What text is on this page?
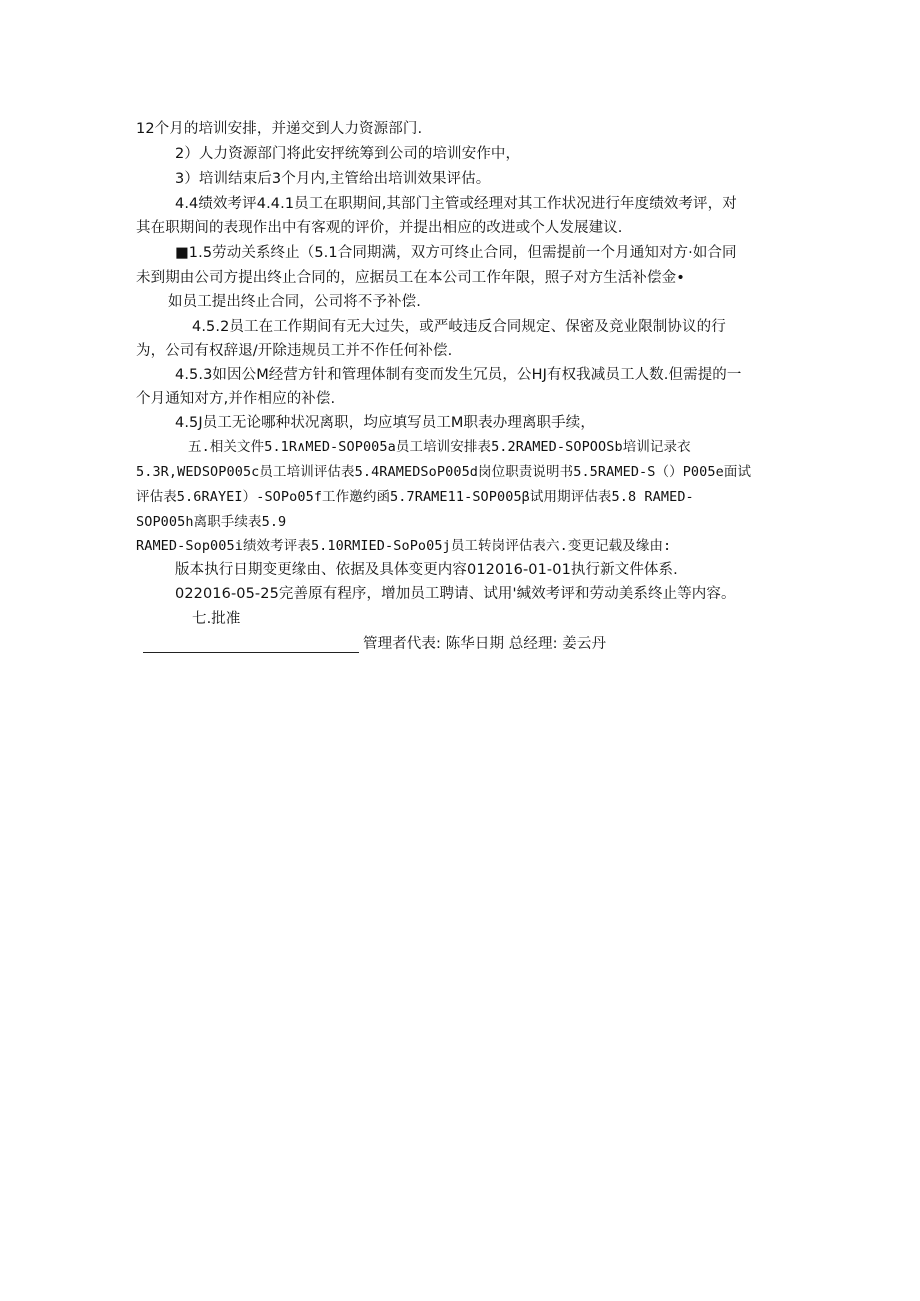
12个月的培训安排，并递交到人力资源部门.
2）人力资源部门将此安抨统筹到公司的培训安作中，
3）培训结束后3个月内,主管给出培训效果评估。
4.4绩效考评4.4.1员工在职期间,其部门主管或经理对其工作状况进行年度绩效考评，对
其在职期间的表现作出中有客观的评价，并提出相应的改进或个人发展建议.
■1.5劳动关系终止（5.1合同期满，双方可终止合同，但需提前一个月通知对方·如合同
未到期由公司方提出终止合同的，应据员工在本公司工作年限，照子对方生活补偿金•
如员工提出终止合同，公司将不予补偿.
4.5.2员工在工作期间有无大过失，或严岐违反合同规定、保密及竞业限制协议的行
为，公司有权辞退/开除违规员工并不作任何补偿.
4.5.3如因公M经营方针和管理体制有变而发生冗员，公HJ有权我减员工人数.但需提的一
个月通知对方,并作相应的补偿.
4.5J员工无论哪种状况离职，均应填写员工M职表办理离职手续，
五.相关文件5.1R∧MED-SOP005a员工培训安排表5.2RAMED-SOPOOSb培训记录衣
5.3R,WEDSOP005c员工培训评估表5.4RAMEDSoP005d岗位职责说明书5.5RAMED-S（）P005e面试
评估表5.6RAYEI）-SOPo05f工作邀约函5.7RAME11-SOP005β试用期评估表5.8 RAMED-
SOP005h离职手续表5.9
RAMED-Sop005i绩效考评表5.10RMIED-SoPo05j员工转岗评估表六.变更记载及缘由:
版本执行日期变更缘由、依据及具体变更内容012016-01-01执行新文件体系.
022016-05-25完善原有程序，增加员工聘请、试用'缄效考评和劳动美系终止等内容。
七.批准
管理者代表: 陈华日期 总经理: 姜云丹
